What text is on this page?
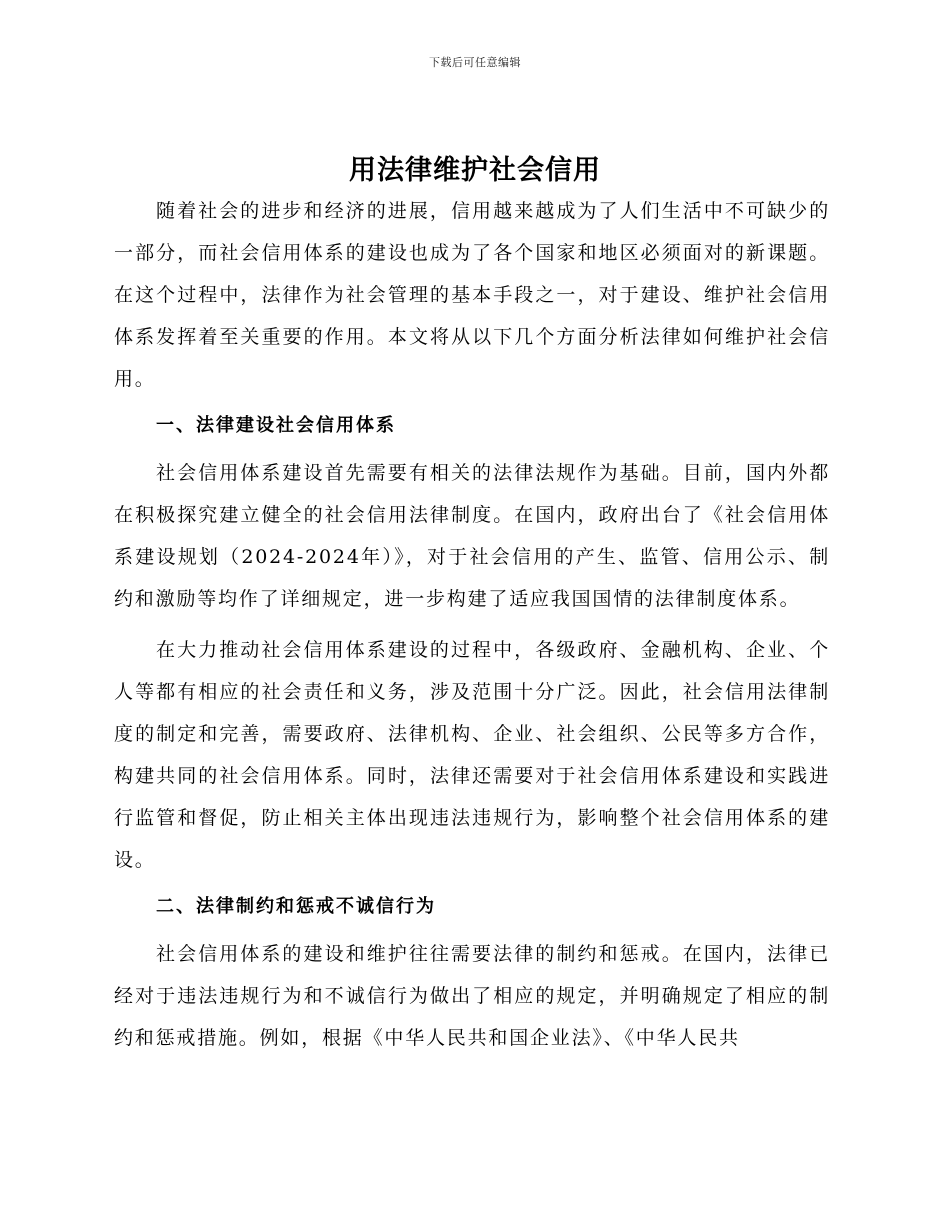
下载后可任意编辑
用法律维护社会信用

随着社会的进步和经济的进展，信用越来越成为了人们生活中不可缺少的一部分，而社会信用体系的建设也成为了各个国家和地区必须面对的新课题。在这个过程中，法律作为社会管理的基本手段之一，对于建设、维护社会信用体系发挥着至关重要的作用。本文将从以下几个方面分析法律如何维护社会信用。

一、法律建设社会信用体系

社会信用体系建设首先需要有相关的法律法规作为基础。目前，国内外都在积极探究建立健全的社会信用法律制度。在国内，政府出台了《社会信用体系建设规划（2024-2024年）》，对于社会信用的产生、监管、信用公示、制约和激励等均作了详细规定，进一步构建了适应我国国情的法律制度体系。

在大力推动社会信用体系建设的过程中，各级政府、金融机构、企业、个人等都有相应的社会责任和义务，涉及范围十分广泛。因此，社会信用法律制度的制定和完善，需要政府、法律机构、企业、社会组织、公民等多方合作，构建共同的社会信用体系。同时，法律还需要对于社会信用体系建设和实践进行监管和督促，防止相关主体出现违法违规行为，影响整个社会信用体系的建设。

二、法律制约和惩戒不诚信行为

社会信用体系的建设和维护往往需要法律的制约和惩戒。在国内，法律已经对于违法违规行为和不诚信行为做出了相应的规定，并明确规定了相应的制约和惩戒措施。例如，根据《中华人民共和国企业法》、《中华人民共
